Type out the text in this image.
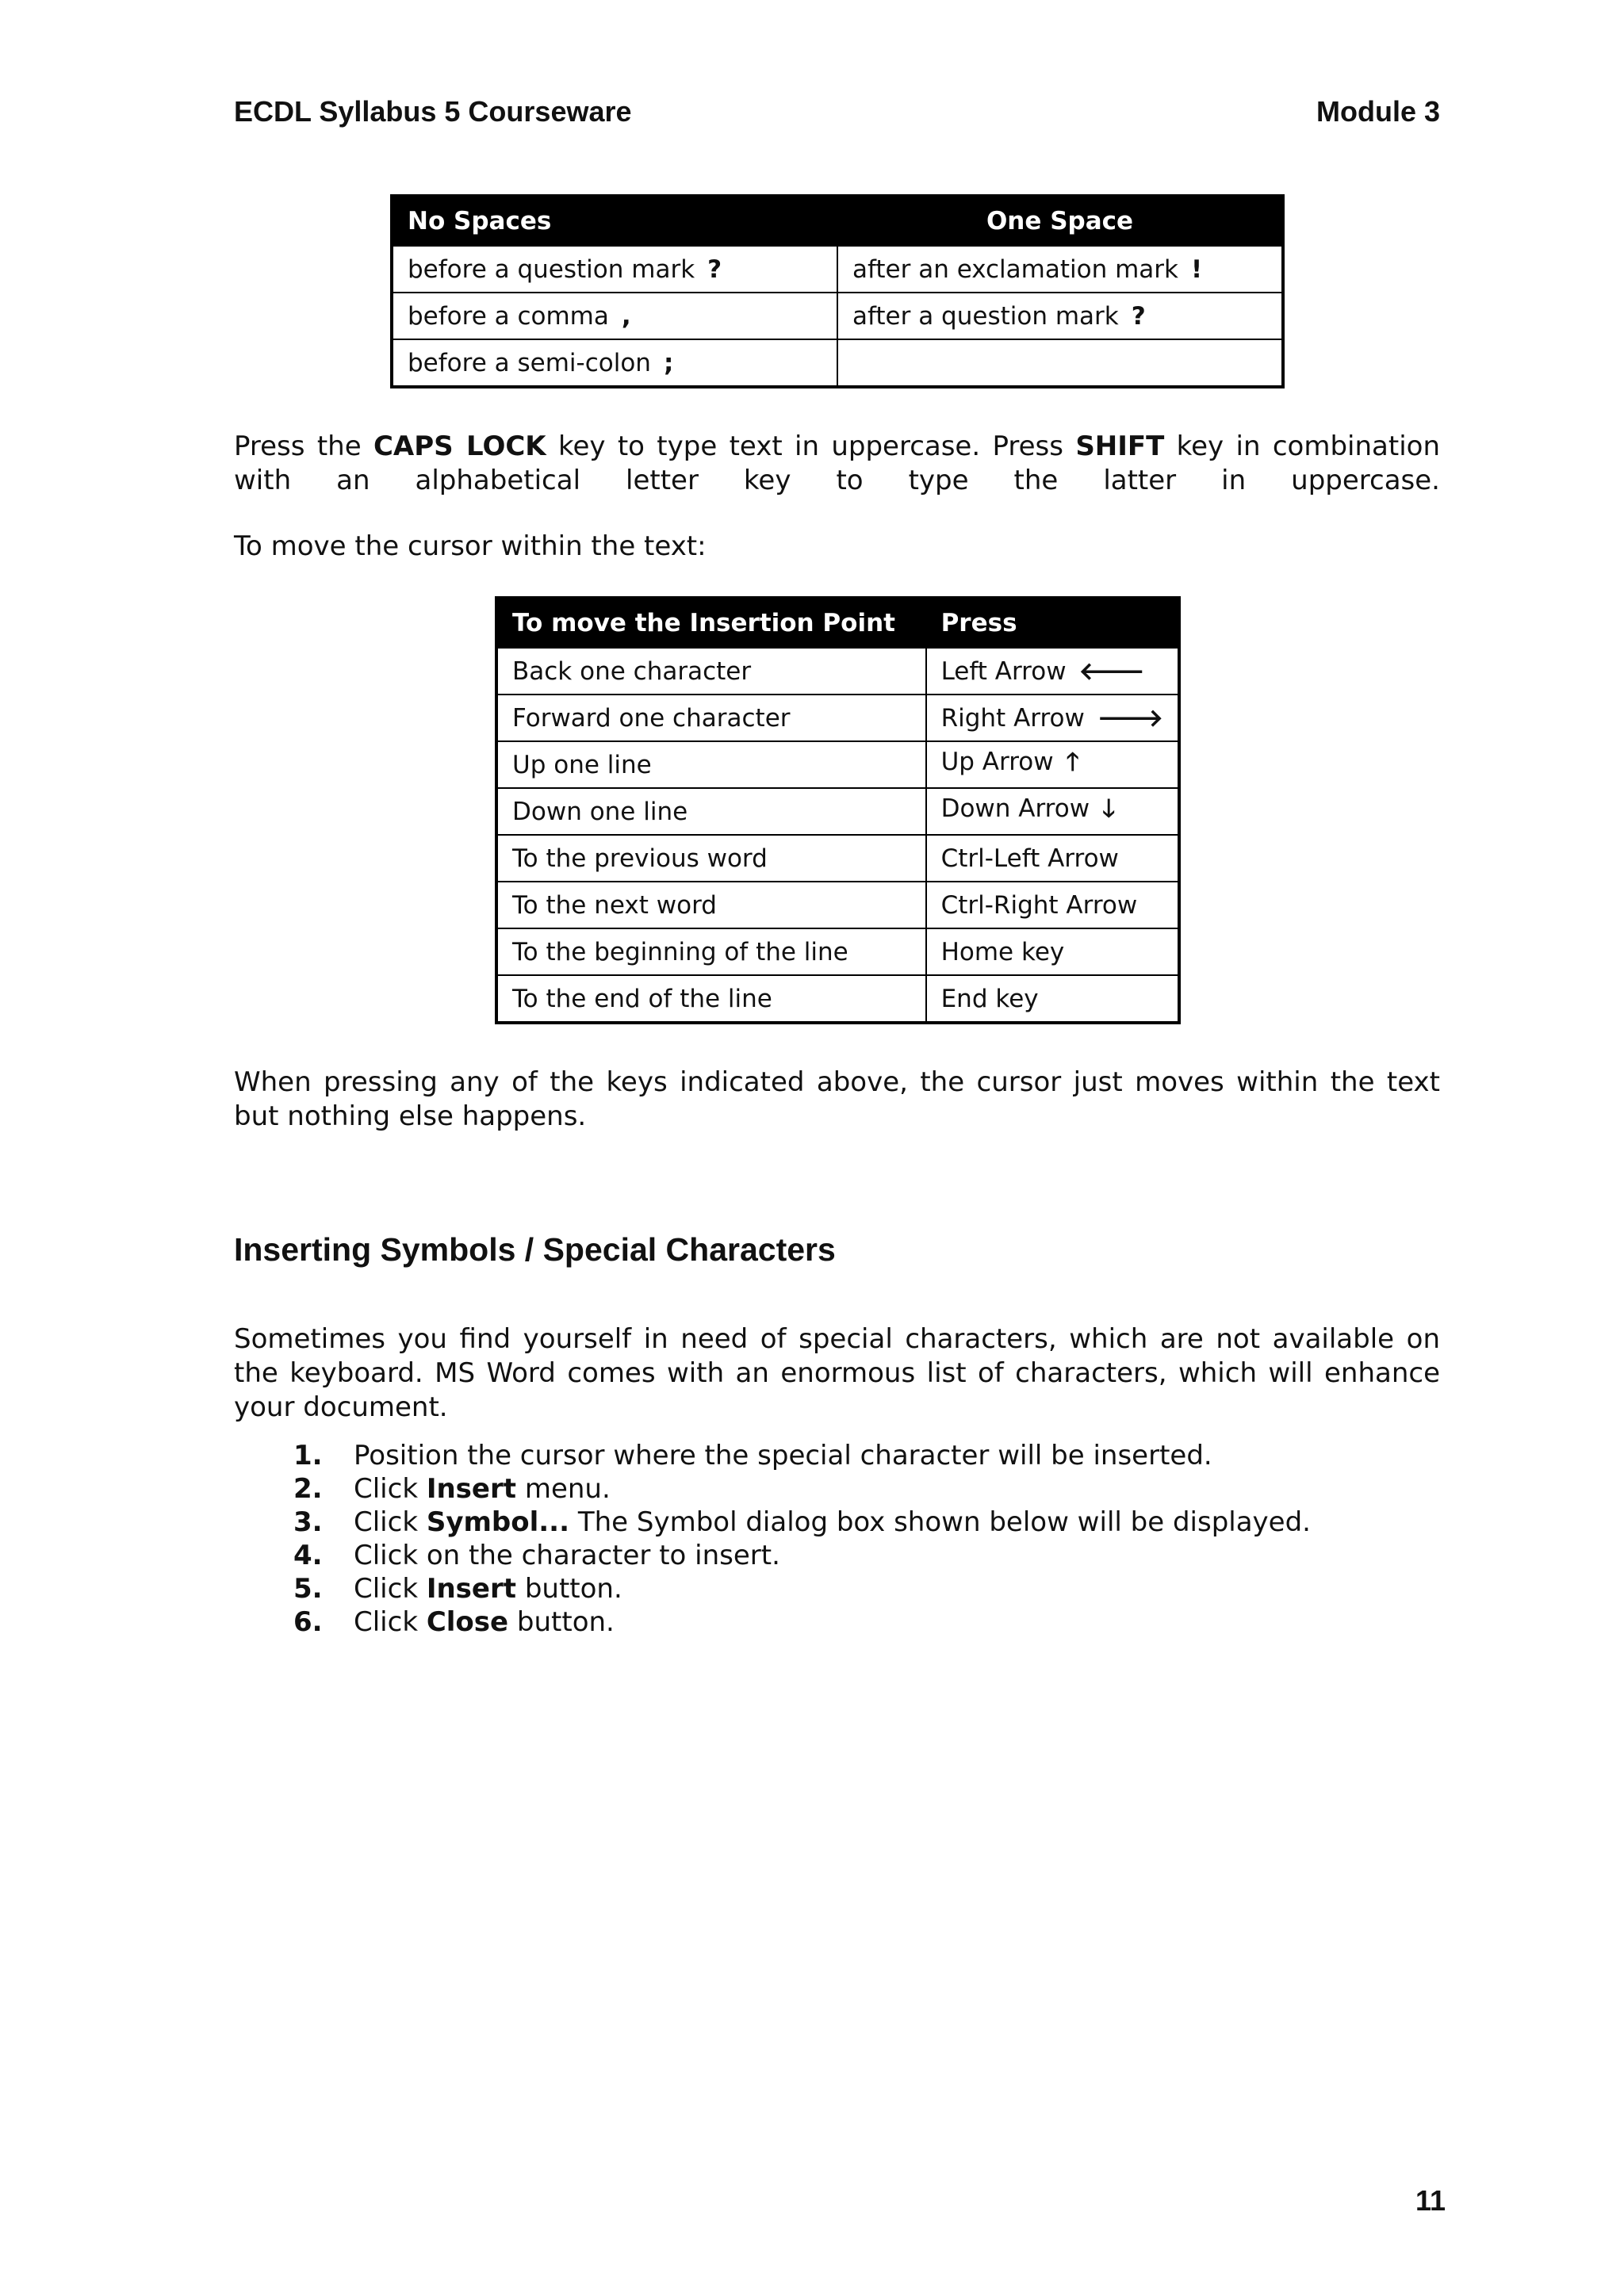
ECDL Syllabus 5 Courseware	Module 3
No Spaces	One Space
before a question mark ?	after an exclamation mark !
before a comma ,	after a question mark ?
before a semi-colon ;	

Press the CAPS LOCK key to type text in uppercase. Press SHIFT key in combination with an alphabetical letter key to type the latter in uppercase.

To move the cursor within the text:

To move the Insertion Point	Press
Back one character	Left Arrow 🡐
Forward one character	Right Arrow 🡒
Up one line	Up Arrow 🡑
Down one line	Down Arrow 🡓
To the previous word	Ctrl-Left Arrow
To the next word	Ctrl-Right Arrow
To the beginning of the line	Home key
To the end of the line	End key

When pressing any of the keys indicated above, the cursor just moves within the text but nothing else happens.

Inserting Symbols / Special Characters

Sometimes you find yourself in need of special characters, which are not available on the keyboard. MS Word comes with an enormous list of characters, which will enhance your document.

1.	Position the cursor where the special character will be inserted.
2.	Click Insert menu.
3.	Click Symbol... The Symbol dialog box shown below will be displayed.
4.	Click on the character to insert.
5.	Click Insert button.
6.	Click Close button.
11
